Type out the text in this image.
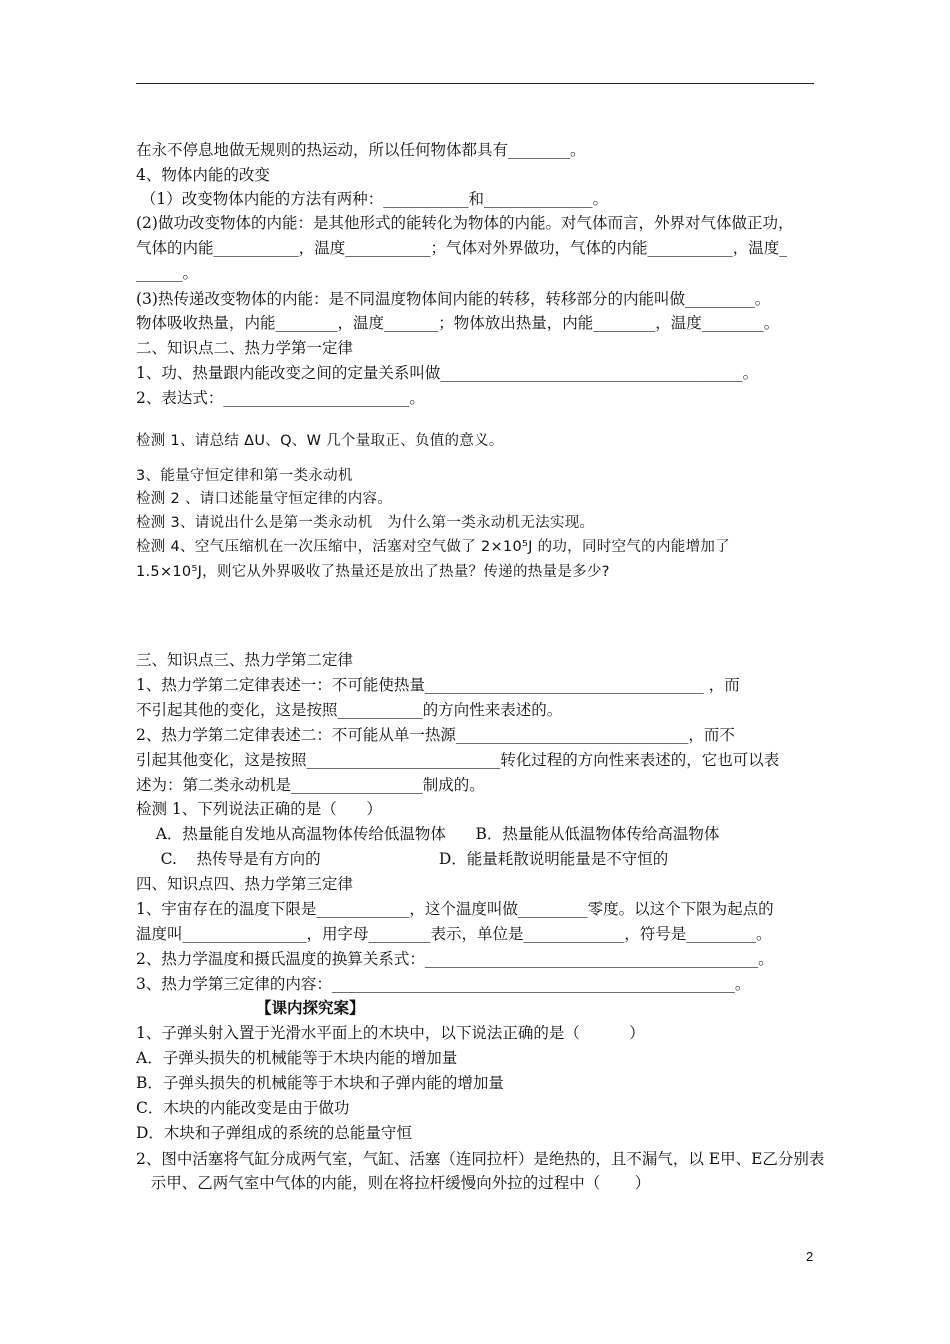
在永不停息地做无规则的热运动，所以任何物体都具有________。
4、物体内能的改变
（1）改变物体内能的方法有两种：___________和______________。
(2)做功改变物体的内能：是其他形式的能转化为物体的内能。对气体而言，外界对气体做正功，
气体的内能___________，温度___________；气体对外界做功，气体的内能___________，温度_
______。
(3)热传递改变物体的内能：是不同温度物体间内能的转移，转移部分的内能叫做_________。
物体吸收热量，内能________，温度_______；物体放出热量，内能________，温度________。
二、知识点二、热力学第一定律
1、功、热量跟内能改变之间的定量关系叫做_______________________________________。
2、表达式：________________________。
检测 1、请总结 ΔU、Q、W 几个量取正、负值的意义。
3、能量守恒定律和第一类永动机
检测 2 、请口述能量守恒定律的内容。
检测 3、请说出什么是第一类永动机   为什么第一类永动机无法实现。
检测 4、空气压缩机在一次压缩中，活塞对空气做了 2×10⁵J 的功，同时空气的内能增加了
1.5×10⁵J，则它从外界吸收了热量还是放出了热量？传递的热量是多少?
三、知识点三、热力学第二定律
1、热力学第二定律表述一：不可能使热量____________________________________ ，而
不引起其他的变化，这是按照___________的方向性来表述的。
2、热力学第二定律表述二：不可能从单一热源______________________________，而不
引起其他变化，这是按照_________________________转化过程的方向性来表述的，它也可以表
述为：第二类永动机是_________________制成的。
检测 1、下列说法正确的是（      ）
A．热量能自发地从高温物体传给低温物体      B．热量能从低温物体传给高温物体
C.    热传导是有方向的                        D．能量耗散说明能量是不守恒的
四、知识点四、热力学第三定律
1、宇宙存在的温度下限是____________，这个温度叫做_________零度。以这个下限为起点的
温度叫________________，用字母________表示，单位是_____________，符号是_________。
2、热力学温度和摄氏温度的换算关系式：___________________________________________。
3、热力学第三定律的内容：____________________________________________________。
【课内探究案】
1、子弹头射入置于光滑水平面上的木块中，以下说法正确的是（          ）
A．子弹头损失的机械能等于木块内能的增加量
B．子弹头损失的机械能等于木块和子弹内能的增加量
C．木块的内能改变是由于做功
D．木块和子弹组成的系统的总能量守恒
2、图中活塞将气缸分成两气室，气缸、活塞（连同拉杆）是绝热的，且不漏气，以 E甲、E乙分别表
示甲、乙两气室中气体的内能，则在将拉杆缓慢向外拉的过程中（       ）
2
